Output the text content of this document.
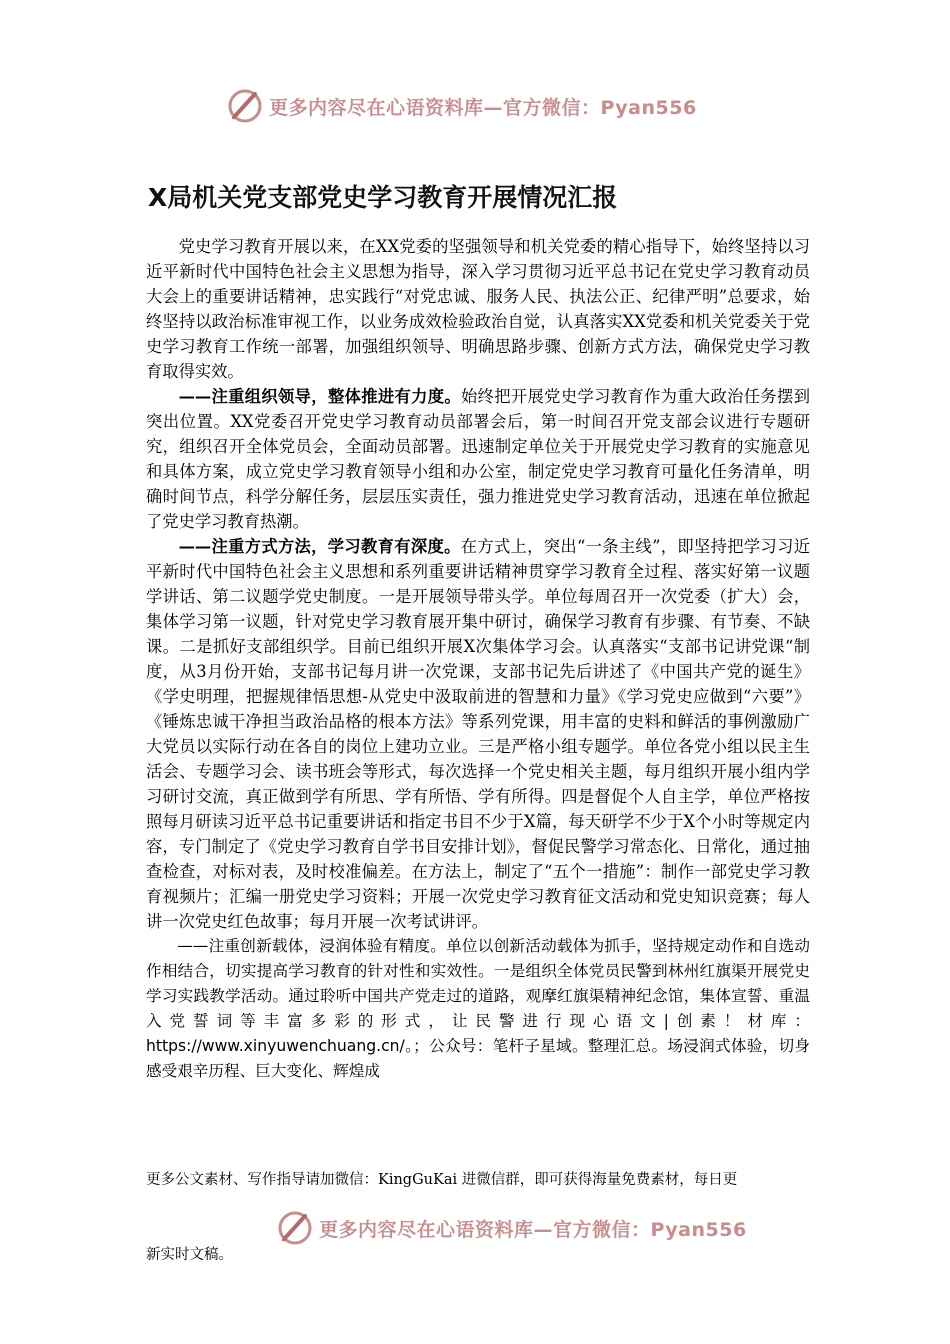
更多内容尽在心语资料库—官方微信：Pyan556
X局机关党支部党史学习教育开展情况汇报

党史学习教育开展以来，在XX党委的坚强领导和机关党委的精心指导下，始终坚持以习近平新时代中国特色社会主义思想为指导，深入学习贯彻习近平总书记在党史学习教育动员大会上的重要讲话精神，忠实践行“对党忠诚、服务人民、执法公正、纪律严明”总要求，始终坚持以政治标准审视工作，以业务成效检验政治自觉，认真落实XX党委和机关党委关于党史学习教育工作统一部署，加强组织领导、明确思路步骤、创新方式方法，确保党史学习教育取得实效。

——注重组织领导，整体推进有力度。始终把开展党史学习教育作为重大政治任务摆到突出位置。XX党委召开党史学习教育动员部署会后，第一时间召开党支部会议进行专题研究，组织召开全体党员会，全面动员部署。迅速制定单位关于开展党史学习教育的实施意见和具体方案，成立党史学习教育领导小组和办公室，制定党史学习教育可量化任务清单，明确时间节点，科学分解任务，层层压实责任，强力推进党史学习教育活动，迅速在单位掀起了党史学习教育热潮。

——注重方式方法，学习教育有深度。在方式上，突出“一条主线”，即坚持把学习习近平新时代中国特色社会主义思想和系列重要讲话精神贯穿学习教育全过程、落实好第一议题学讲话、第二议题学党史制度。一是开展领导带头学。单位每周召开一次党委（扩大）会，集体学习第一议题，针对党史学习教育展开集中研讨，确保学习教育有步骤、有节奏、不缺课。二是抓好支部组织学。目前已组织开展X次集体学习会。认真落实“支部书记讲党课“制度，从3月份开始，支部书记每月讲一次党课，支部书记先后讲述了《中国共产党的诞生》《学史明理，把握规律悟思想-从党史中汲取前进的智慧和力量》《学习党史应做到“六要”》《锤炼忠诚干净担当政治品格的根本方法》等系列党课，用丰富的史料和鲜活的事例激励广大党员以实际行动在各自的岗位上建功立业。三是严格小组专题学。单位各党小组以民主生活会、专题学习会、读书班会等形式，每次选择一个党史相关主题，每月组织开展小组内学习研讨交流，真正做到学有所思、学有所悟、学有所得。四是督促个人自主学，单位严格按照每月研读习近平总书记重要讲话和指定书目不少于X篇，每天研学不少于X个小时等规定内容，专门制定了《党史学习教育自学书目安排计划》，督促民警学习常态化、日常化，通过抽查检查，对标对表，及时校准偏差。在方法上，制定了“五个一措施”：制作一部党史学习教育视频片；汇编一册党史学习资料；开展一次党史学习教育征文活动和党史知识竞赛；每人讲一次党史红色故事；每月开展一次考试讲评。

——注重创新载体，浸润体验有精度。单位以创新活动载体为抓手，坚持规定动作和自选动作相结合，切实提高学习教育的针对性和实效性。一是组织全体党员民警到林州红旗渠开展党史学习实践教学活动。通过聆听中国共产党走过的道路，观摩红旗渠精神纪念馆，集体宣誓、重温入党誓词等丰富多彩的形式，让民警进行现心语文|创素！材库：https://www.xinyuwenchuang.cn/。；公众号：笔杆子星域。整理汇总。场浸润式体验，切身感受艰辛历程、巨大变化、辉煌成

更多公文素材、写作指导请加微信：KingGuKai 进微信群，即可获得海量免费素材，每日更
更多内容尽在心语资料库—官方微信：Pyan556
新实时文稿。
